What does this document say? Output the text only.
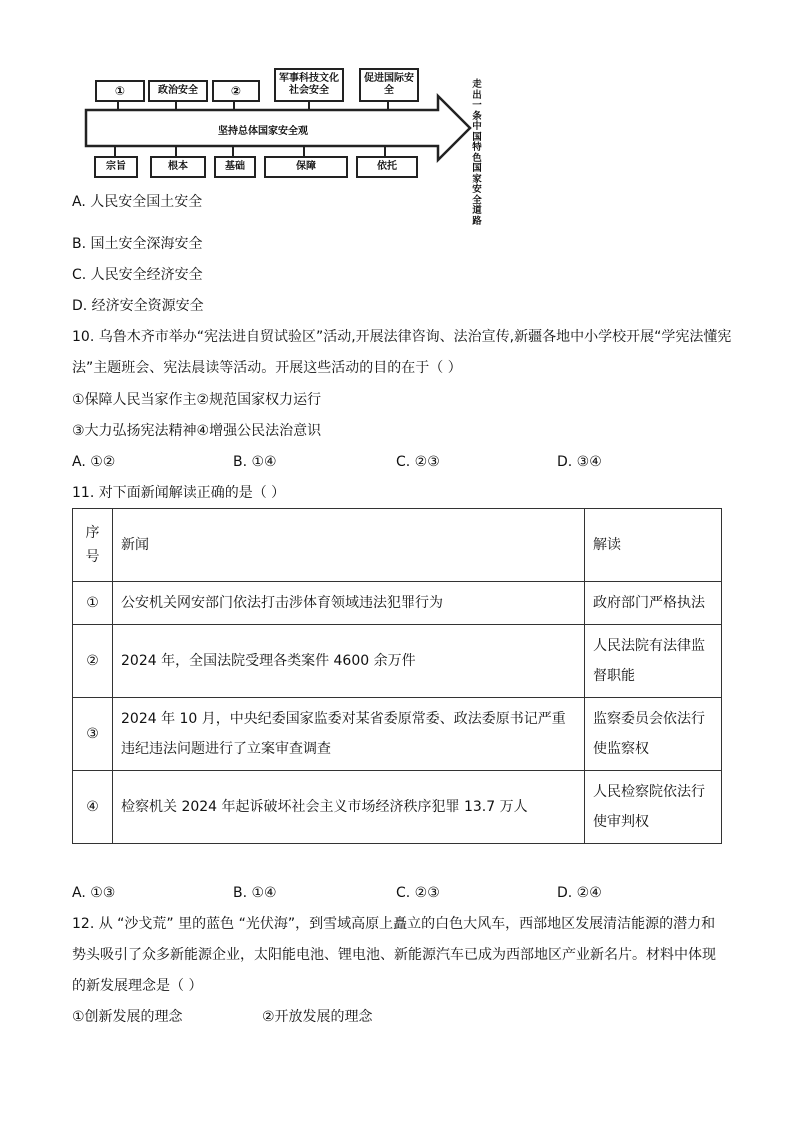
①	政治安全	②
军事科技文化社会安全
促进国际安全
坚持总体国家安全观
宗旨	根本	基础	保障	依托
走出一条中国特色国家安全道路
A. 人民安全国土安全
B. 国土安全深海安全
C. 人民安全经济安全
D. 经济安全资源安全
10. 乌鲁木齐市举办“宪法进自贸试验区”活动,开展法律咨询、法治宣传,新疆各地中小学校开展“学宪法懂宪
法”主题班会、宪法晨读等活动。开展这些活动的目的在于（ ）
①保障人民当家作主②规范国家权力运行
③大力弘扬宪法精神④增强公民法治意识
A. ①②	B. ①④	C. ②③	D. ③④
11. 对下面新闻解读正确的是（ ）
序号	新闻	解读
①	公安机关网安部门依法打击涉体育领域违法犯罪行为	政府部门严格执法
②	2024 年，全国法院受理各类案件 4600 余万件	人民法院有法律监督职能
③	2024 年 10 月，中央纪委国家监委对某省委原常委、政法委原书记严重违纪违法问题进行了立案审查调查	监察委员会依法行使监察权
④	检察机关 2024 年起诉破坏社会主义市场经济秩序犯罪 13.7 万人	人民检察院依法行使审判权
A. ①③	B. ①④	C. ②③	D. ②④
12. 从 “沙戈荒” 里的蓝色 “光伏海”，到雪域高原上矗立的白色大风车，西部地区发展清洁能源的潜力和
势头吸引了众多新能源企业，太阳能电池、锂电池、新能源汽车已成为西部地区产业新名片。材料中体现
的新发展理念是（ ）
①创新发展的理念	②开放发展的理念
